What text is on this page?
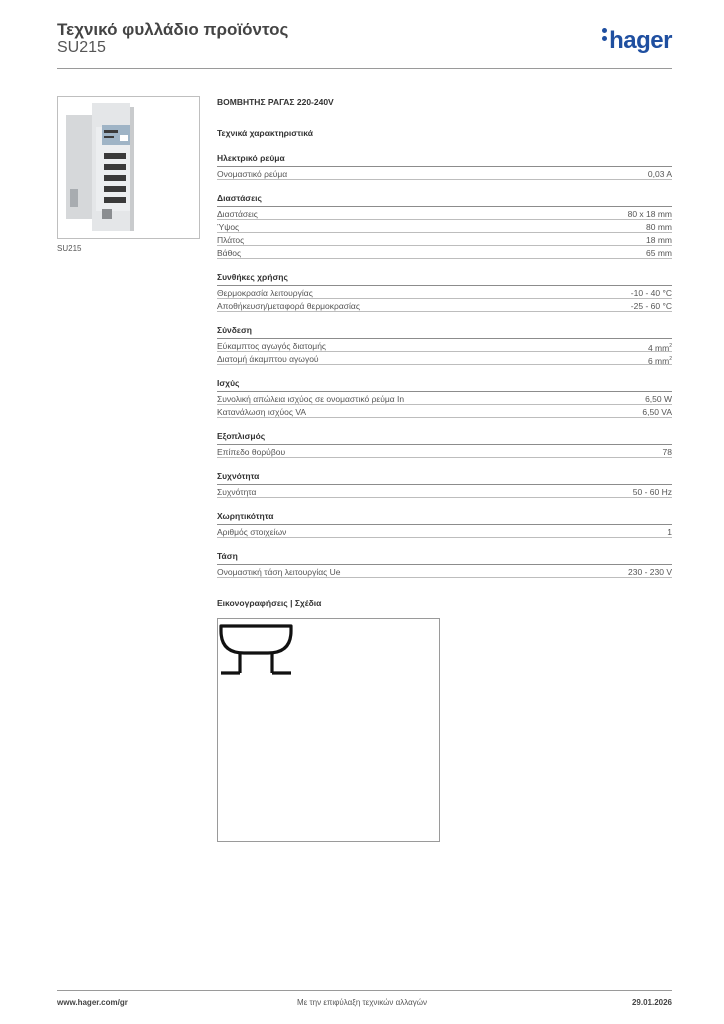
Τεχνικό φυλλάδιο προϊόντος
SU215	hager
SU215
ΒΟΜΒΗΤΗΣ ΡΑΓΑΣ 220-240V
Τεχνικά χαρακτηριστικά
Ηλεκτρικό ρεύμα
Ονομαστικό ρεύμα	0,03 A
Διαστάσεις
Διαστάσεις	80 x 18 mm
Ύψος	80 mm
Πλάτος	18 mm
Βάθος	65 mm
Συνθήκες χρήσης
Θερμοκρασία λειτουργίας	-10 - 40 °C
Αποθήκευση/μεταφορά θερμοκρασίας	-25 - 60 °C
Σύνδεση
Εύκαμπτος αγωγός διατομής	4 $mm^2$
Διατομή άκαμπτου αγωγού	6 $mm^2$
Ισχύς
Συνολική απώλεια ισχύος σε ονομαστικό ρεύμα In	6,50 W
Κατανάλωση ισχύος VA	6,50 VA
Εξοπλισμός
Επίπεδο θορύβου	78
Συχνότητα
Συχνότητα	50 - 60 Hz
Χωρητικότητα
Αριθμός στοιχείων	1
Τάση
Ονομαστική τάση λειτουργίας Ue	230 - 230 V
Εικονογραφήσεις | Σχέδια
www.hager.com/gr	Με την επιφύλαξη τεχνικών αλλαγών	29.01.2026
